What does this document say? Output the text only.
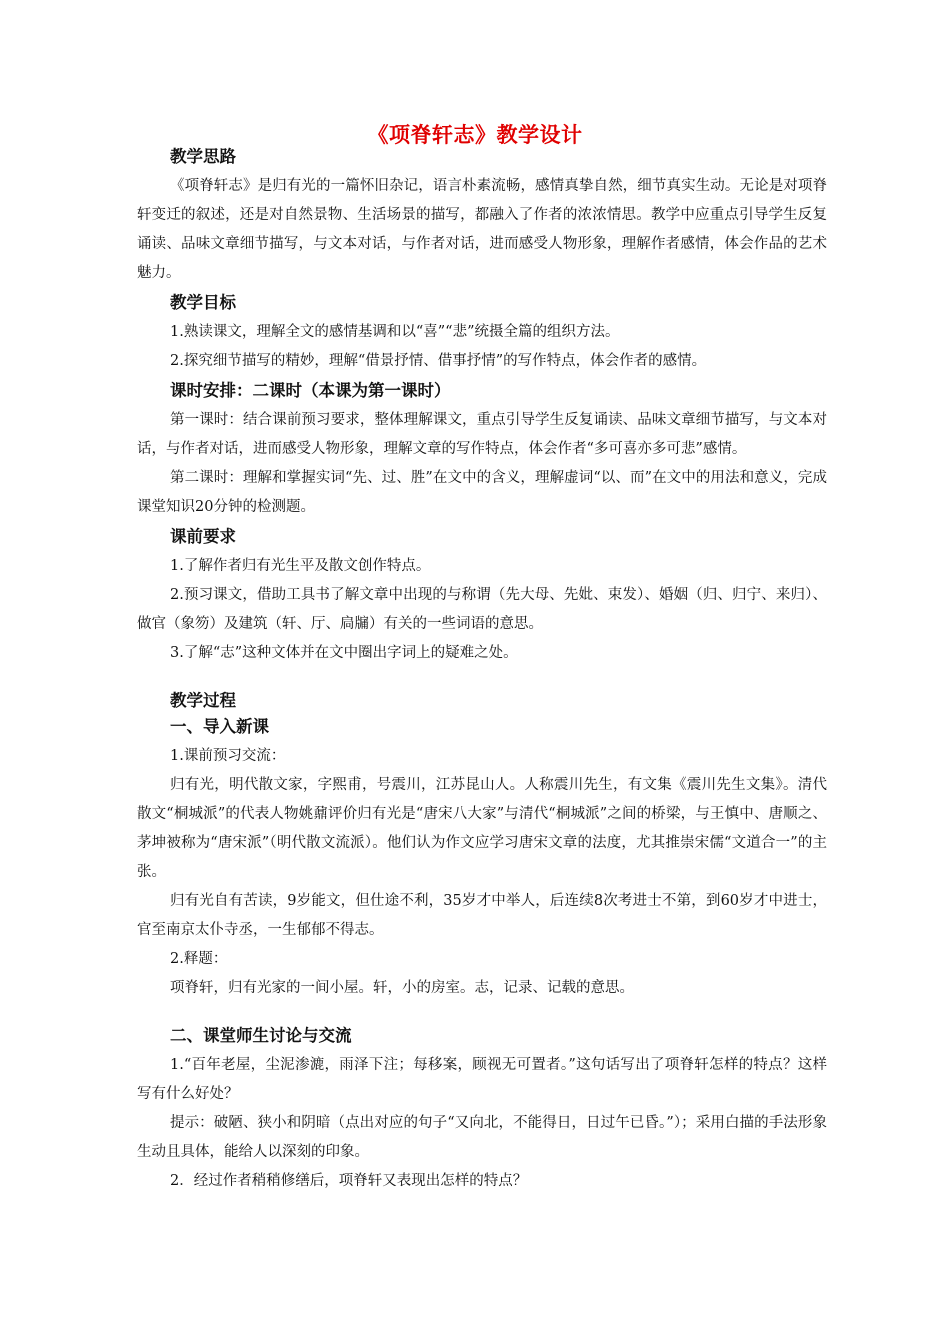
《项脊轩志》教学设计
教学思路

《项脊轩志》是归有光的一篇怀旧杂记，语言朴素流畅，感情真挚自然，细节真实生动。无论是对项脊轩变迁的叙述，还是对自然景物、生活场景的描写，都融入了作者的浓浓情思。教学中应重点引导学生反复诵读、品味文章细节描写，与文本对话，与作者对话，进而感受人物形象，理解作者感情，体会作品的艺术魅力。

教学目标

1.熟读课文，理解全文的感情基调和以“喜”“悲”统摄全篇的组织方法。

2.探究细节描写的精妙，理解“借景抒情、借事抒情”的写作特点，体会作者的感情。

课时安排：二课时（本课为第一课时）

第一课时：结合课前预习要求，整体理解课文，重点引导学生反复诵读、品味文章细节描写，与文本对话，与作者对话，进而感受人物形象，理解文章的写作特点，体会作者“多可喜亦多可悲”感情。

第二课时：理解和掌握实词“先、过、胜”在文中的含义，理解虚词“以、而”在文中的用法和意义，完成课堂知识20分钟的检测题。

课前要求

1.了解作者归有光生平及散文创作特点。

2.预习课文，借助工具书了解文章中出现的与称谓（先大母、先妣、束发）、婚姻（归、归宁、来归）、做官（象笏）及建筑（轩、厅、扃牖）有关的一些词语的意思。

3.了解“志”这种文体并在文中圈出字词上的疑难之处。

教学过程
一、导入新课

1.课前预习交流：

归有光，明代散文家，字熙甫，号震川，江苏昆山人。人称震川先生，有文集《震川先生文集》。清代散文“桐城派”的代表人物姚鼐评价归有光是“唐宋八大家”与清代“桐城派”之间的桥梁，与王慎中、唐顺之、茅坤被称为“唐宋派”（明代散文流派）。他们认为作文应学习唐宋文章的法度，尤其推崇宋儒“文道合一”的主张。

归有光自有苦读，9岁能文，但仕途不利，35岁才中举人，后连续8次考进士不第，到60岁才中进士，官至南京太仆寺丞，一生郁郁不得志。

2.释题：

项脊轩，归有光家的一间小屋。轩，小的房室。志，记录、记载的意思。

二、课堂师生讨论与交流

1.“百年老屋，尘泥渗漉，雨泽下注；每移案，顾视无可置者。”这句话写出了项脊轩怎样的特点？这样写有什么好处？

提示：破陋、狭小和阴暗（点出对应的句子“又向北，不能得日，日过午已昏。”）；采用白描的手法形象生动且具体，能给人以深刻的印象。

2．经过作者稍稍修缮后，项脊轩又表现出怎样的特点？
